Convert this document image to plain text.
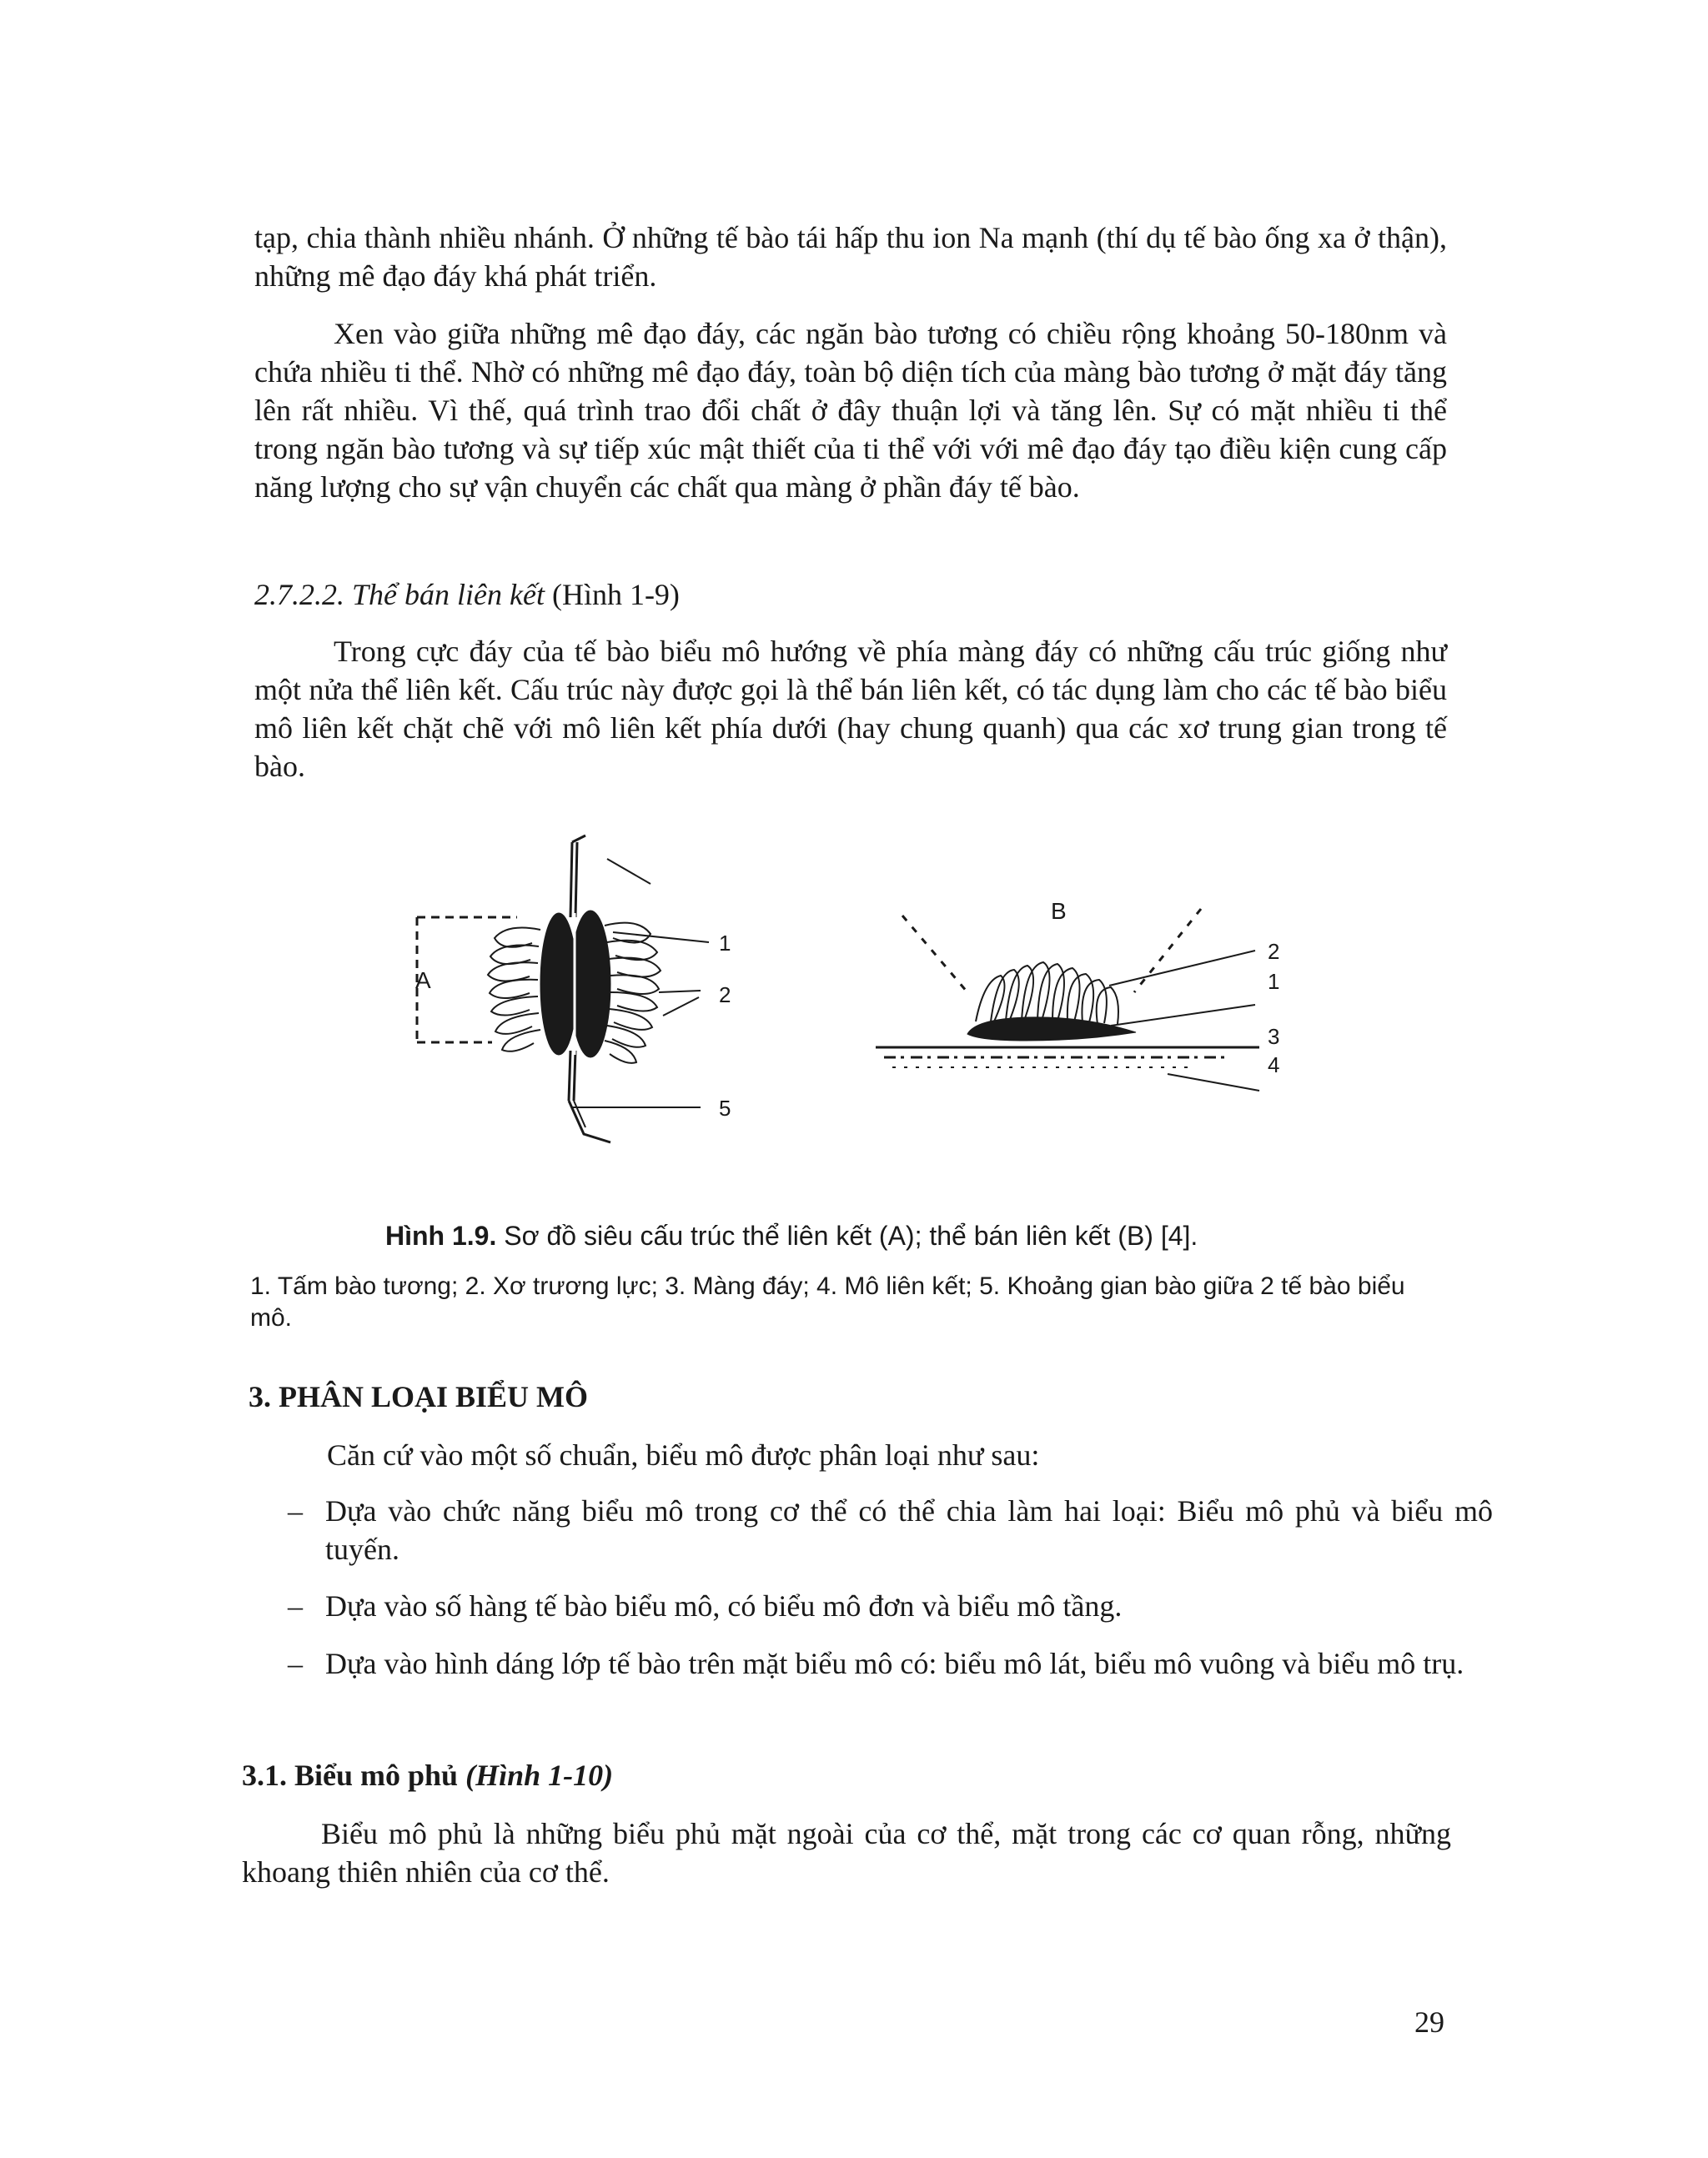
tạp, chia thành nhiều nhánh. Ở những tế bào tái hấp thu ion Na mạnh (thí dụ tế bào ống xa ở thận), những mê đạo đáy khá phát triển.
Xen vào giữa những mê đạo đáy, các ngăn bào tương có chiều rộng khoảng 50-180nm và chứa nhiều ti thể. Nhờ có những mê đạo đáy, toàn bộ diện tích của màng bào tương ở mặt đáy tăng lên rất nhiều. Vì thế, quá trình trao đổi chất ở đây thuận lợi và tăng lên. Sự có mặt nhiều ti thể trong ngăn bào tương và sự tiếp xúc mật thiết của ti thể với với mê đạo đáy tạo điều kiện cung cấp năng lượng cho sự vận chuyển các chất qua màng ở phần đáy tế bào.
2.7.2.2. Thể bán liên kết (Hình 1-9)
Trong cực đáy của tế bào biểu mô hướng về phía màng đáy có những cấu trúc giống như một nửa thể liên kết. Cấu trúc này được gọi là thể bán liên kết, có tác dụng làm cho các tế bào biểu mô liên kết chặt chẽ với mô liên kết phía dưới (hay chung quanh) qua các xơ trung gian trong tế bào.
A
1
2
5
B
2
1
3
4
Hình 1.9. Sơ đồ siêu cấu trúc thể liên kết (A); thể bán liên kết (B) [4].
1. Tấm bào tương; 2. Xơ trương lực; 3. Màng đáy; 4. Mô liên kết; 5. Khoảng gian bào giữa 2 tế bào biểu mô.
3. PHÂN LOẠI BIỂU MÔ
Căn cứ vào một số chuẩn, biểu mô được phân loại như sau:
– Dựa vào chức năng biểu mô trong cơ thể có thể chia làm hai loại: Biểu mô phủ và biểu mô tuyến.
– Dựa vào số hàng tế bào biểu mô, có biểu mô đơn và biểu mô tầng.
– Dựa vào hình dáng lớp tế bào trên mặt biểu mô có: biểu mô lát, biểu mô vuông và biểu mô trụ.
3.1. Biểu mô phủ (Hình 1-10)
Biểu mô phủ là những biểu phủ mặt ngoài của cơ thể, mặt trong các cơ quan rỗng, những khoang thiên nhiên của cơ thể.
29
